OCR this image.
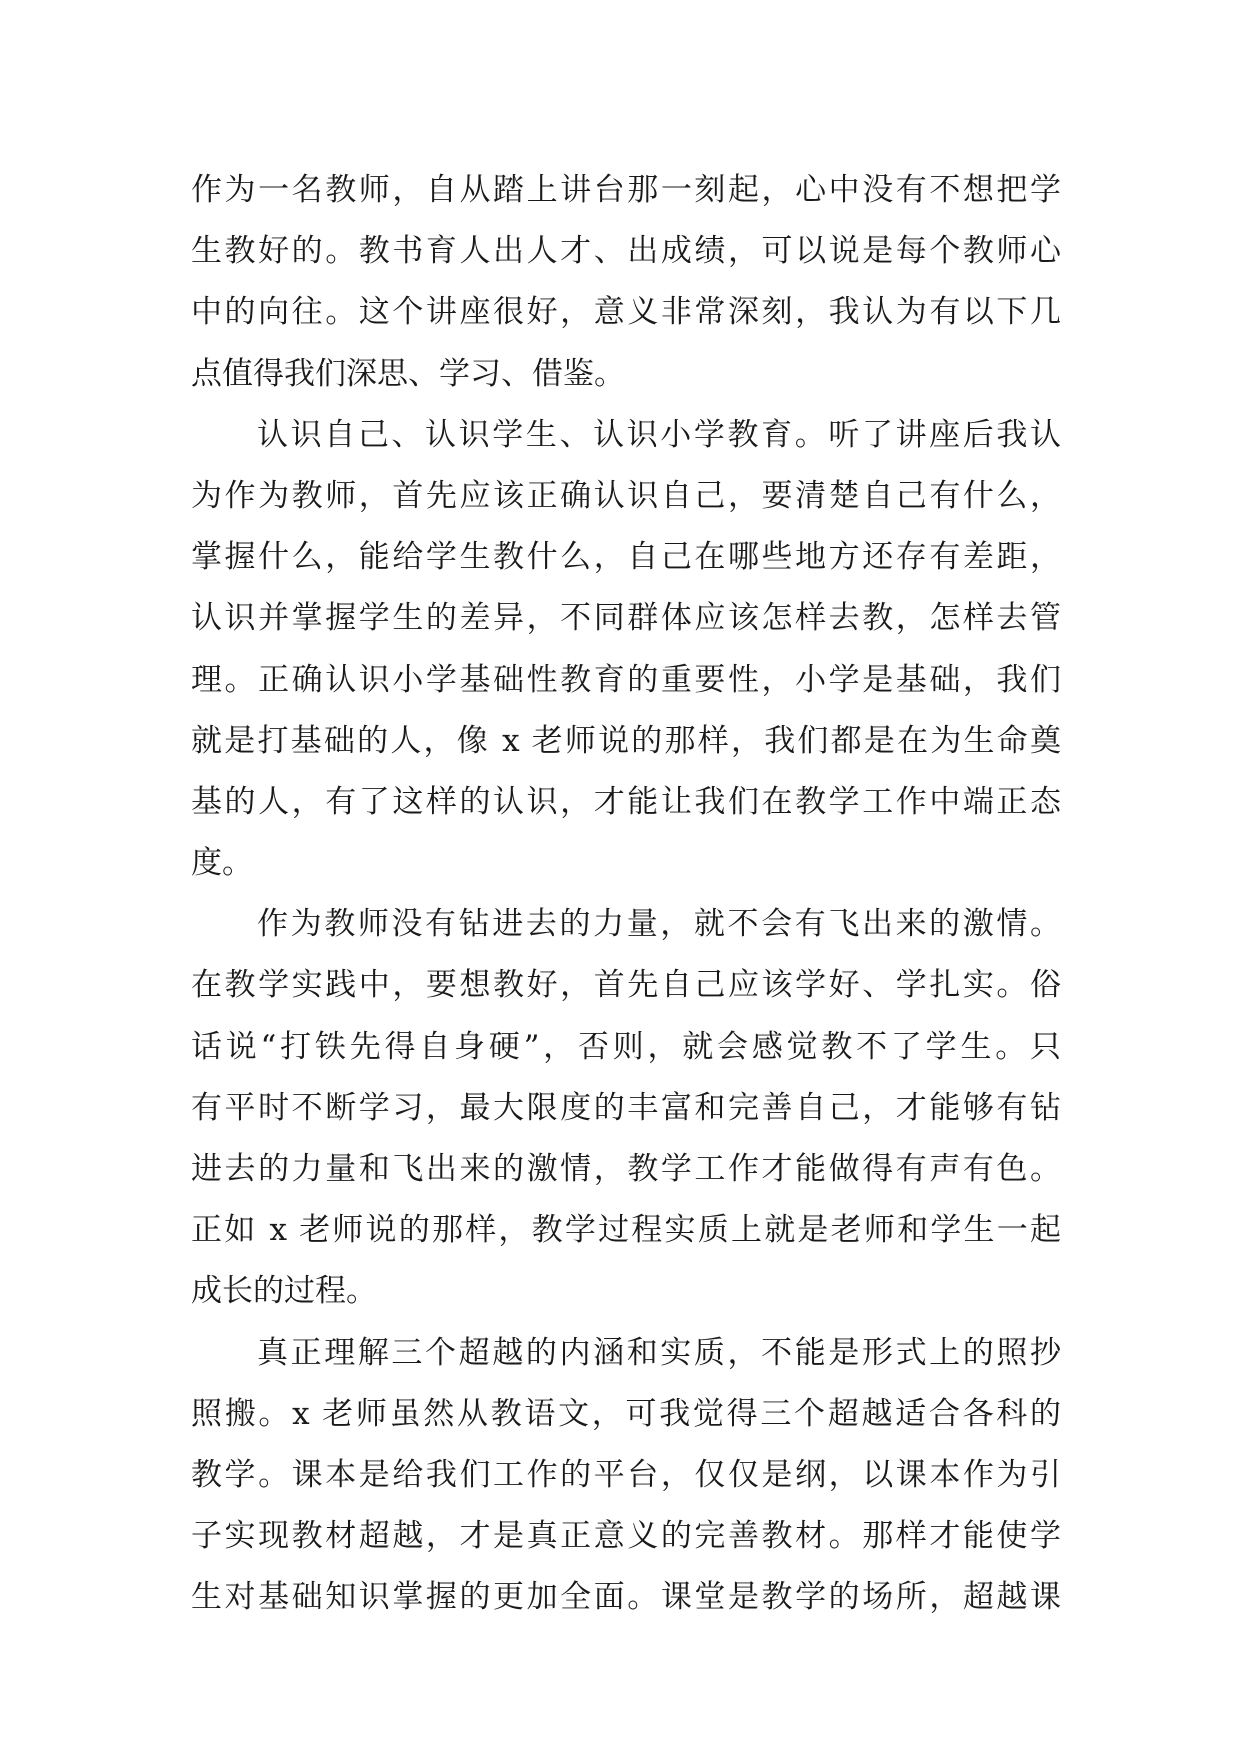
作为一名教师，自从踏上讲台那一刻起，心中没有不想把学
生教好的。教书育人出人才、出成绩，可以说是每个教师心
中的向往。这个讲座很好，意义非常深刻，我认为有以下几
点值得我们深思、学习、借鉴。
认识自己、认识学生、认识小学教育。听了讲座后我认
为作为教师，首先应该正确认识自己，要清楚自己有什么，
掌握什么，能给学生教什么，自己在哪些地方还存有差距，
认识并掌握学生的差异，不同群体应该怎样去教，怎样去管
理。正确认识小学基础性教育的重要性，小学是基础，我们
就是打基础的人，像 x 老师说的那样，我们都是在为生命奠
基的人，有了这样的认识，才能让我们在教学工作中端正态
度。
作为教师没有钻进去的力量，就不会有飞出来的激情。
在教学实践中，要想教好，首先自己应该学好、学扎实。俗
话说“打铁先得自身硬”，否则，就会感觉教不了学生。只
有平时不断学习，最大限度的丰富和完善自己，才能够有钻
进去的力量和飞出来的激情，教学工作才能做得有声有色。
正如 x 老师说的那样，教学过程实质上就是老师和学生一起
成长的过程。
真正理解三个超越的内涵和实质，不能是形式上的照抄
照搬。x 老师虽然从教语文，可我觉得三个超越适合各科的
教学。课本是给我们工作的平台，仅仅是纲，以课本作为引
子实现教材超越，才是真正意义的完善教材。那样才能使学
生对基础知识掌握的更加全面。课堂是教学的场所，超越课
